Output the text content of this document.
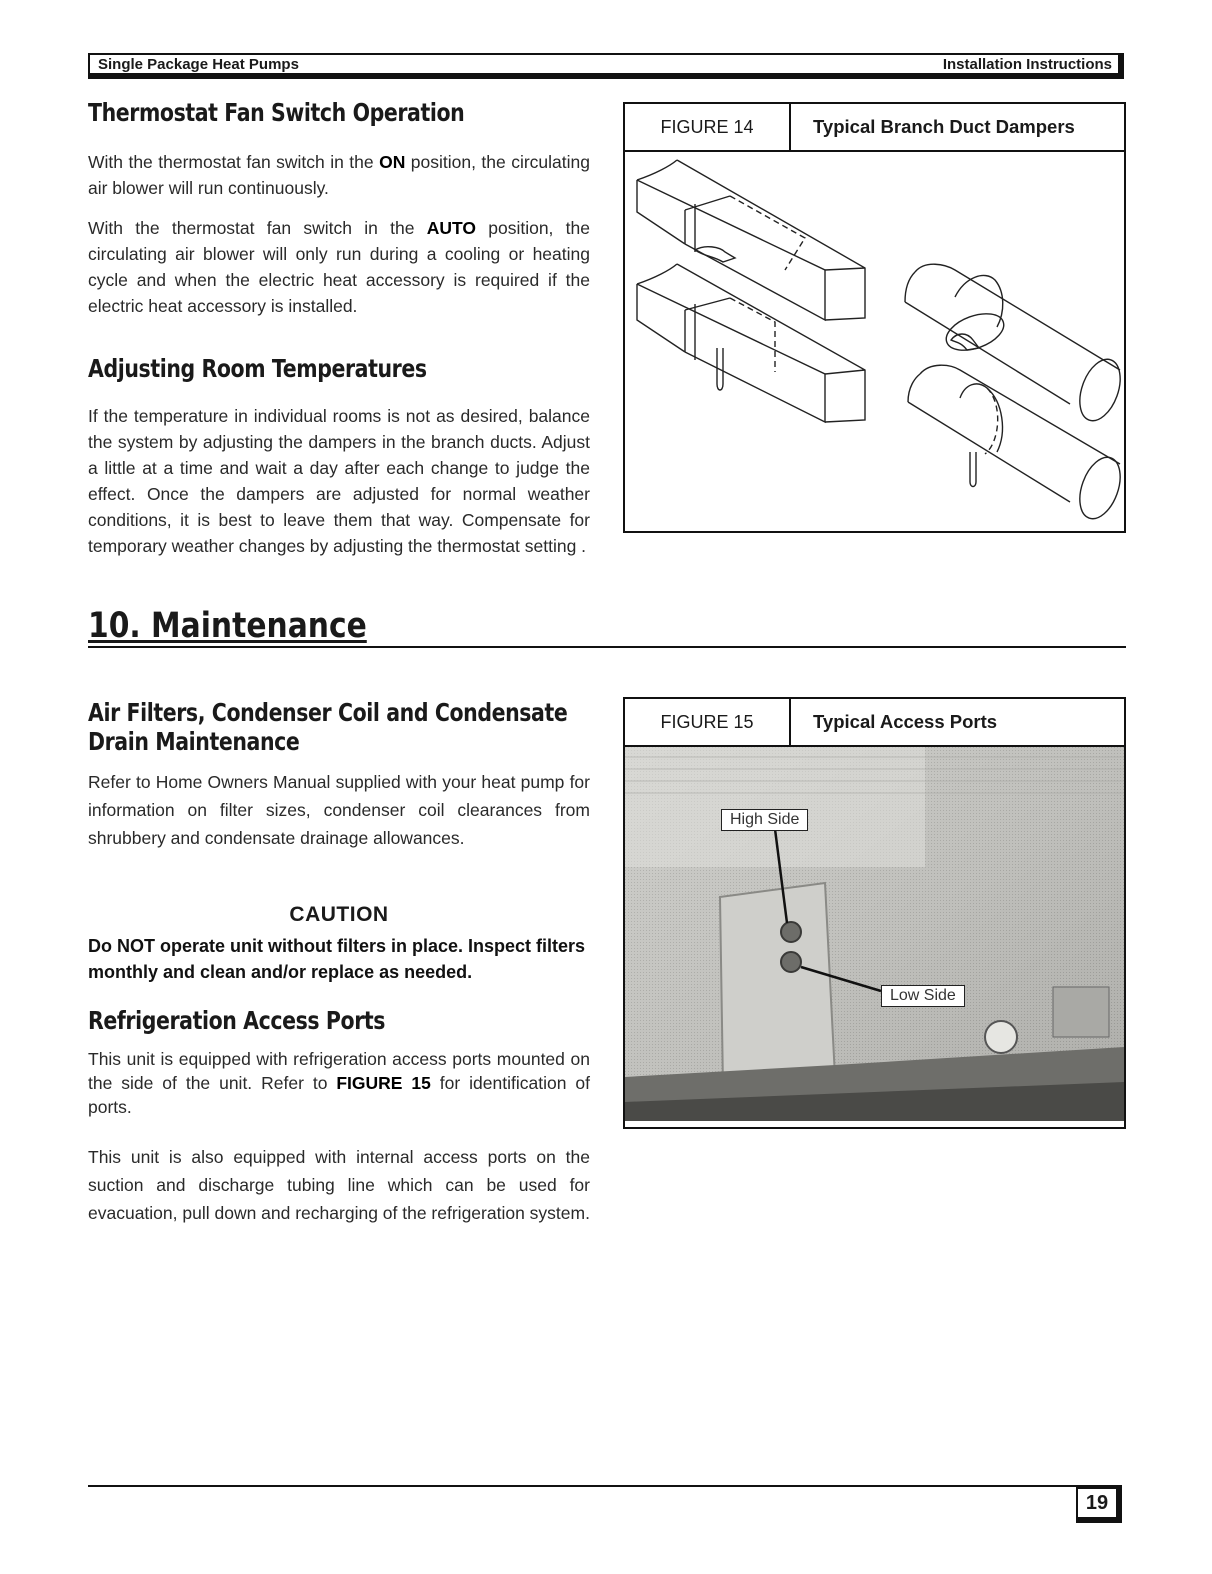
Single Package Heat Pumps	Installation Instructions
Thermostat Fan Switch Operation

With the thermostat fan switch in the ON position, the circulating air blower will run continuously.

With the thermostat fan switch in the AUTO position, the circulating air blower will only run during a cooling or heating cycle and when the electric heat accessory is required if the electric heat accessory is installed.

Adjusting Room Temperatures

If the temperature in individual rooms is not as desired, balance the system by adjusting the dampers in the branch ducts. Adjust a little at a time and wait a day after each change to judge the effect. Once the dampers are adjusted for normal weather conditions, it is best to leave them that way. Compensate for temporary weather changes by adjusting the thermostat setting .

FIGURE 14	Typical Branch Duct Dampers
10. Maintenance
Air Filters, Condenser Coil and Condensate
Drain Maintenance

Refer to Home Owners Manual supplied with your heat pump for information on filter sizes, condenser coil clearances from shrubbery and condensate drainage allowances.

CAUTION
Do NOT operate unit without filters in place. Inspect filters monthly and clean and/or replace as needed.
Refrigeration Access Ports

This unit is equipped with refrigeration access ports mounted on the side of the unit. Refer to FIGURE 15 for identification of ports.

This unit is also equipped with internal access ports on the suction and discharge tubing line which can be used for evacuation, pull down and recharging of the refrigeration system.

FIGURE 15	Typical Access Ports
High Side
Low Side
19
